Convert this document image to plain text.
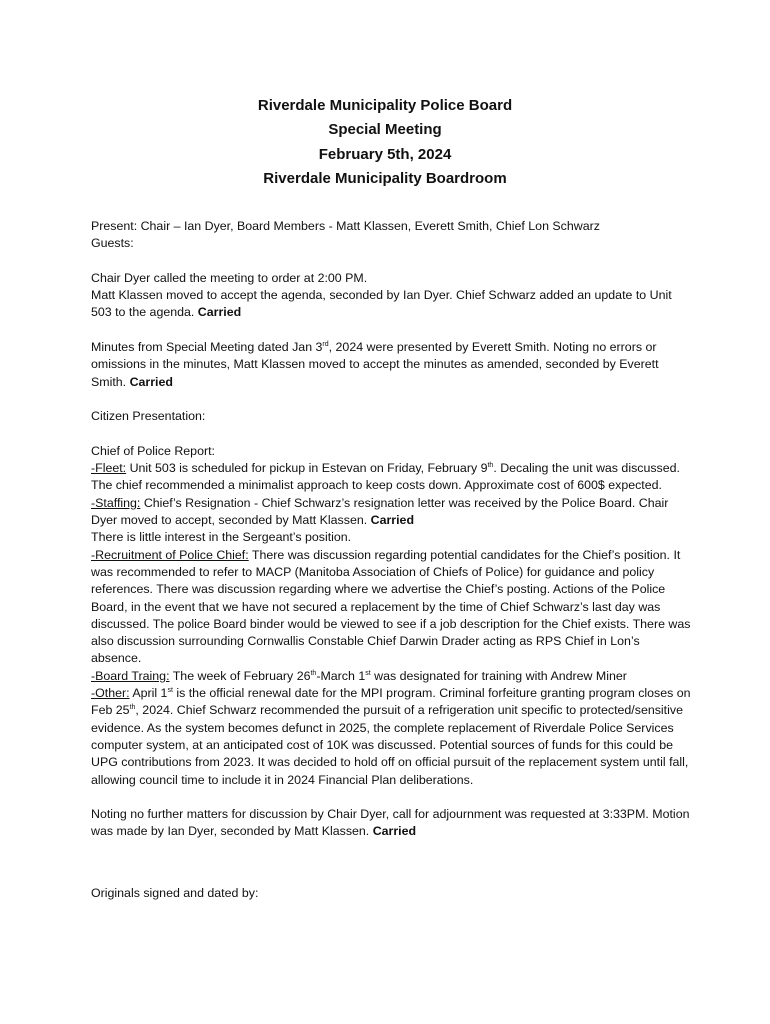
Riverdale Municipality Police Board
Special Meeting
February 5th, 2024
Riverdale Municipality Boardroom

Present: Chair – Ian Dyer, Board Members - Matt Klassen, Everett Smith, Chief Lon Schwarz

Guests:

Chair Dyer called the meeting to order at 2:00 PM.

Matt Klassen moved to accept the agenda, seconded by Ian Dyer. Chief Schwarz added an update to Unit 503 to the agenda. Carried

Minutes from Special Meeting dated Jan 3rd, 2024 were presented by Everett Smith. Noting no errors or omissions in the minutes, Matt Klassen moved to accept the minutes as amended, seconded by Everett Smith. Carried

Citizen Presentation:

Chief of Police Report:

-Fleet: Unit 503 is scheduled for pickup in Estevan on Friday, February 9th. Decaling the unit was discussed. The chief recommended a minimalist approach to keep costs down. Approximate cost of 600$ expected.

-Staffing: Chief’s Resignation - Chief Schwarz’s resignation letter was received by the Police Board. Chair Dyer moved to accept, seconded by Matt Klassen. Carried

There is little interest in the Sergeant’s position.

-Recruitment of Police Chief: There was discussion regarding potential candidates for the Chief’s position. It was recommended to refer to MACP (Manitoba Association of Chiefs of Police) for guidance and policy references. There was discussion regarding where we advertise the Chief’s posting. Actions of the Police Board, in the event that we have not secured a replacement by the time of Chief Schwarz’s last day was discussed. The police Board binder would be viewed to see if a job description for the Chief exists. There was also discussion surrounding Cornwallis Constable Chief Darwin Drader acting as RPS Chief in Lon’s absence.

-Board Traing: The week of February 26th-March 1st was designated for training with Andrew Miner

-Other: April 1st is the official renewal date for the MPI program. Criminal forfeiture granting program closes on Feb 25th, 2024. Chief Schwarz recommended the pursuit of a refrigeration unit specific to protected/sensitive evidence. As the system becomes defunct in 2025, the complete replacement of Riverdale Police Services computer system, at an anticipated cost of 10K was discussed. Potential sources of funds for this could be UPG contributions from 2023. It was decided to hold off on official pursuit of the replacement system until fall, allowing council time to include it in 2024 Financial Plan deliberations.

Noting no further matters for discussion by Chair Dyer, call for adjournment was requested at 3:33PM. Motion was made by Ian Dyer, seconded by Matt Klassen. Carried

Originals signed and dated by:
